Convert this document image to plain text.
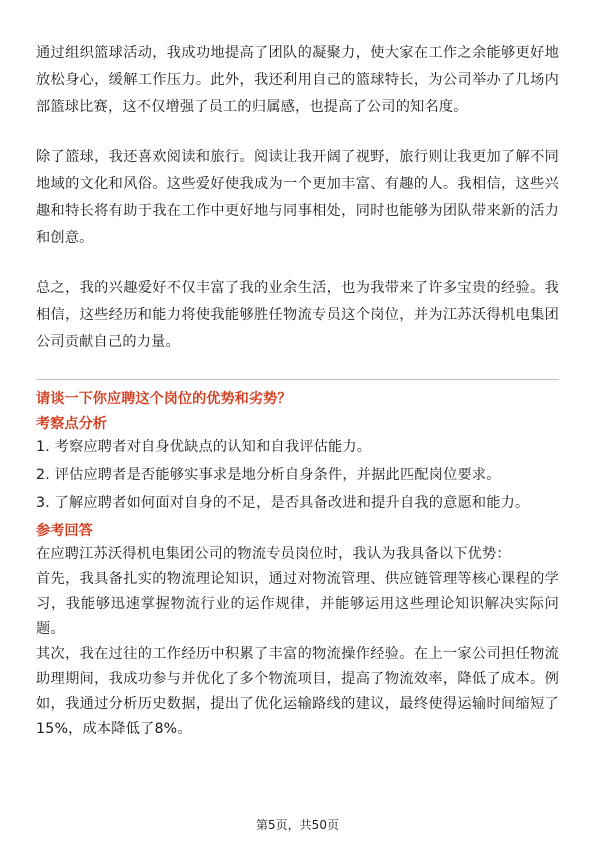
通过组织篮球活动，我成功地提高了团队的凝聚力，使大家在工作之余能够更好地放松身心，缓解工作压力。此外，我还利用自己的篮球特长，为公司举办了几场内部篮球比赛，这不仅增强了员工的归属感，也提高了公司的知名度。

除了篮球，我还喜欢阅读和旅行。阅读让我开阔了视野，旅行则让我更加了解不同地域的文化和风俗。这些爱好使我成为一个更加丰富、有趣的人。我相信，这些兴趣和特长将有助于我在工作中更好地与同事相处，同时也能够为团队带来新的活力和创意。

总之，我的兴趣爱好不仅丰富了我的业余生活，也为我带来了许多宝贵的经验。我相信，这些经历和能力将使我能够胜任物流专员这个岗位，并为江苏沃得机电集团公司贡献自己的力量。

请谈一下你应聘这个岗位的优势和劣势？

考察点分析

1. 考察应聘者对自身优缺点的认知和自我评估能力。

2. 评估应聘者是否能够实事求是地分析自身条件，并据此匹配岗位要求。

3. 了解应聘者如何面对自身的不足，是否具备改进和提升自我的意愿和能力。

参考回答

在应聘江苏沃得机电集团公司的物流专员岗位时，我认为我具备以下优势：

首先，我具备扎实的物流理论知识，通过对物流管理、供应链管理等核心课程的学习，我能够迅速掌握物流行业的运作规律，并能够运用这些理论知识解决实际问题。

其次，我在过往的工作经历中积累了丰富的物流操作经验。在上一家公司担任物流助理期间，我成功参与并优化了多个物流项目，提高了物流效率，降低了成本。例如，我通过分析历史数据，提出了优化运输路线的建议，最终使得运输时间缩短了15%，成本降低了8%。

第5页，共50页
